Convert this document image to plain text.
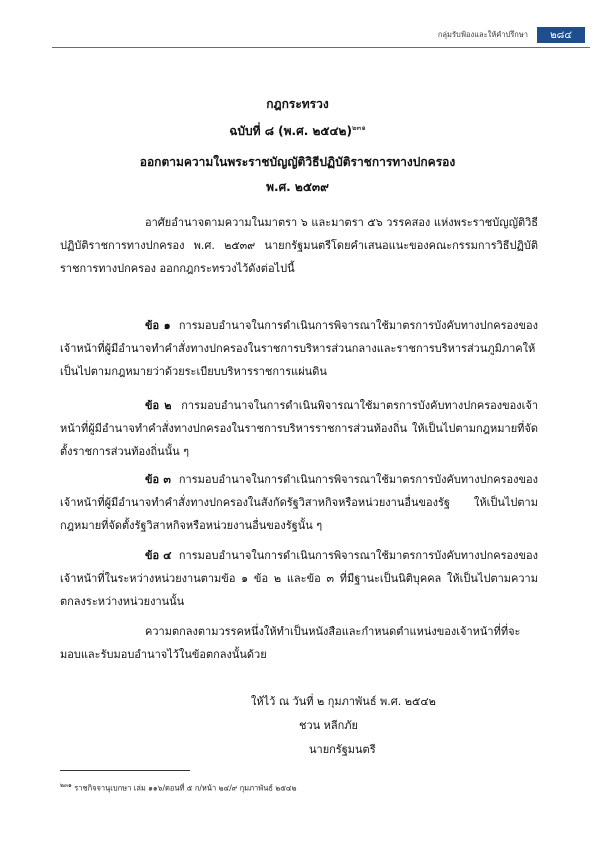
กลุ่มรับฟ้องและให้คำปรึกษา	๒๘๔
กฎกระทรวง
ฉบับที่ ๘ (พ.ศ. ๒๕๔๒)$^{๒๓๑}$
ออกตามความในพระราชบัญญัติวิธีปฏิบัติราชการทางปกครอง
พ.ศ. ๒๕๓๙
อาศัยอำนาจตามความในมาตรา ๖ และมาตรา ๕๖ วรรคสอง แห่งพระราชบัญญัติวิธีปฏิบัติราชการทางปกครอง พ.ศ. ๒๕๓๙ นายกรัฐมนตรีโดยคำเสนอแนะของคณะกรรมการวิธีปฏิบัติราชการทางปกครอง ออกกฎกระทรวงไว้ดังต่อไปนี้
ข้อ ๑ การมอบอำนาจในการดำเนินการพิจารณาใช้มาตรการบังคับทางปกครองของเจ้าหน้าที่ผู้มีอำนาจทำคำสั่งทางปกครองในราชการบริหารส่วนกลางและราชการบริหารส่วนภูมิภาคให้เป็นไปตามกฎหมายว่าด้วยระเบียบบริหารราชการแผ่นดิน
ข้อ ๒ การมอบอำนาจในการดำเนินพิจารณาใช้มาตรการบังคับทางปกครองของเจ้าหน้าที่ผู้มีอำนาจทำคำสั่งทางปกครองในราชการบริหารราชการส่วนท้องถิ่น ให้เป็นไปตามกฎหมายที่จัดตั้งราชการส่วนท้องถิ่นนั้น ๆ
ข้อ ๓ การมอบอำนาจในการดำเนินการพิจารณาใช้มาตรการบังคับทางปกครองของเจ้าหน้าที่ผู้มีอำนาจทำคำสั่งทางปกครองในสังกัดรัฐวิสาหกิจหรือหน่วยงานอื่นของรัฐ ให้เป็นไปตามกฎหมายที่จัดตั้งรัฐวิสาหกิจหรือหน่วยงานอื่นของรัฐนั้น ๆ
ข้อ ๔ การมอบอำนาจในการดำเนินการพิจารณาใช้มาตรการบังคับทางปกครองของเจ้าหน้าที่ในระหว่างหน่วยงานตามข้อ ๑ ข้อ ๒ และข้อ ๓ ที่มีฐานะเป็นนิติบุคคล ให้เป็นไปตามความตกลงระหว่างหน่วยงานนั้น
ความตกลงตามวรรคหนึ่งให้ทำเป็นหนังสือและกำหนดตำแหน่งของเจ้าหน้าที่ที่จะมอบและรับมอบอำนาจไว้ในข้อตกลงนั้นด้วย
ให้ไว้ ณ วันที่ ๒ กุมภาพันธ์ พ.ศ. ๒๕๔๒
ชวน หลีกภัย
นายกรัฐมนตรี
$^{๒๓๑}$ ราชกิจจานุเบกษา เล่ม ๑๑๖/ตอนที่ ๕ ก/หน้า ๒๔/๙ กุมภาพันธ์ ๒๕๔๒
